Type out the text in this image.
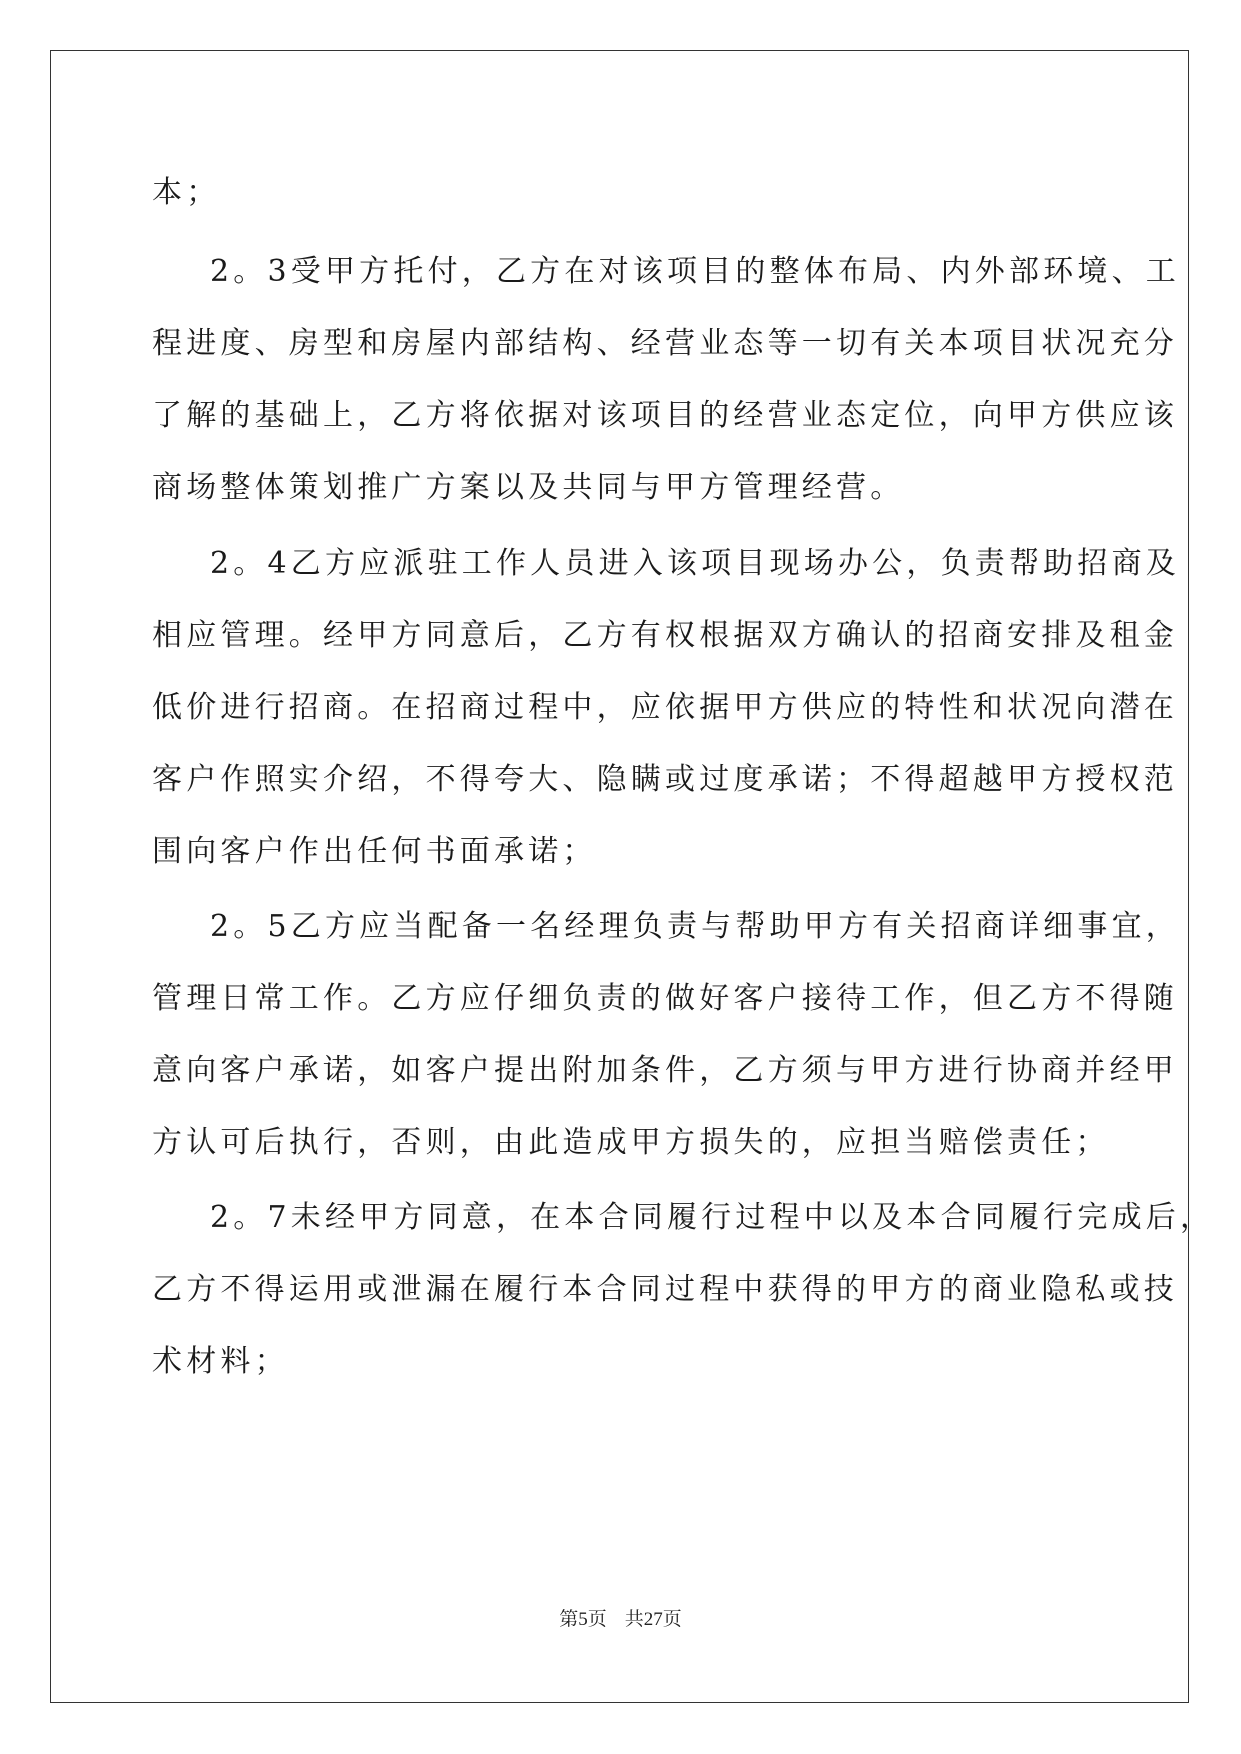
本；
2。3受甲方托付，乙方在对该项目的整体布局、内外部环境、工
程进度、房型和房屋内部结构、经营业态等一切有关本项目状况充分
了解的基础上，乙方将依据对该项目的经营业态定位，向甲方供应该
商场整体策划推广方案以及共同与甲方管理经营。
2。4乙方应派驻工作人员进入该项目现场办公，负责帮助招商及
相应管理。经甲方同意后，乙方有权根据双方确认的招商安排及租金
低价进行招商。在招商过程中，应依据甲方供应的特性和状况向潜在
客户作照实介绍，不得夸大、隐瞒或过度承诺；不得超越甲方授权范
围向客户作出任何书面承诺；
2。5乙方应当配备一名经理负责与帮助甲方有关招商详细事宜，
管理日常工作。乙方应仔细负责的做好客户接待工作，但乙方不得随
意向客户承诺，如客户提出附加条件，乙方须与甲方进行协商并经甲
方认可后执行，否则，由此造成甲方损失的，应担当赔偿责任；
2。7未经甲方同意，在本合同履行过程中以及本合同履行完成后，
乙方不得运用或泄漏在履行本合同过程中获得的甲方的商业隐私或技
术材料；
第5页 共27页
